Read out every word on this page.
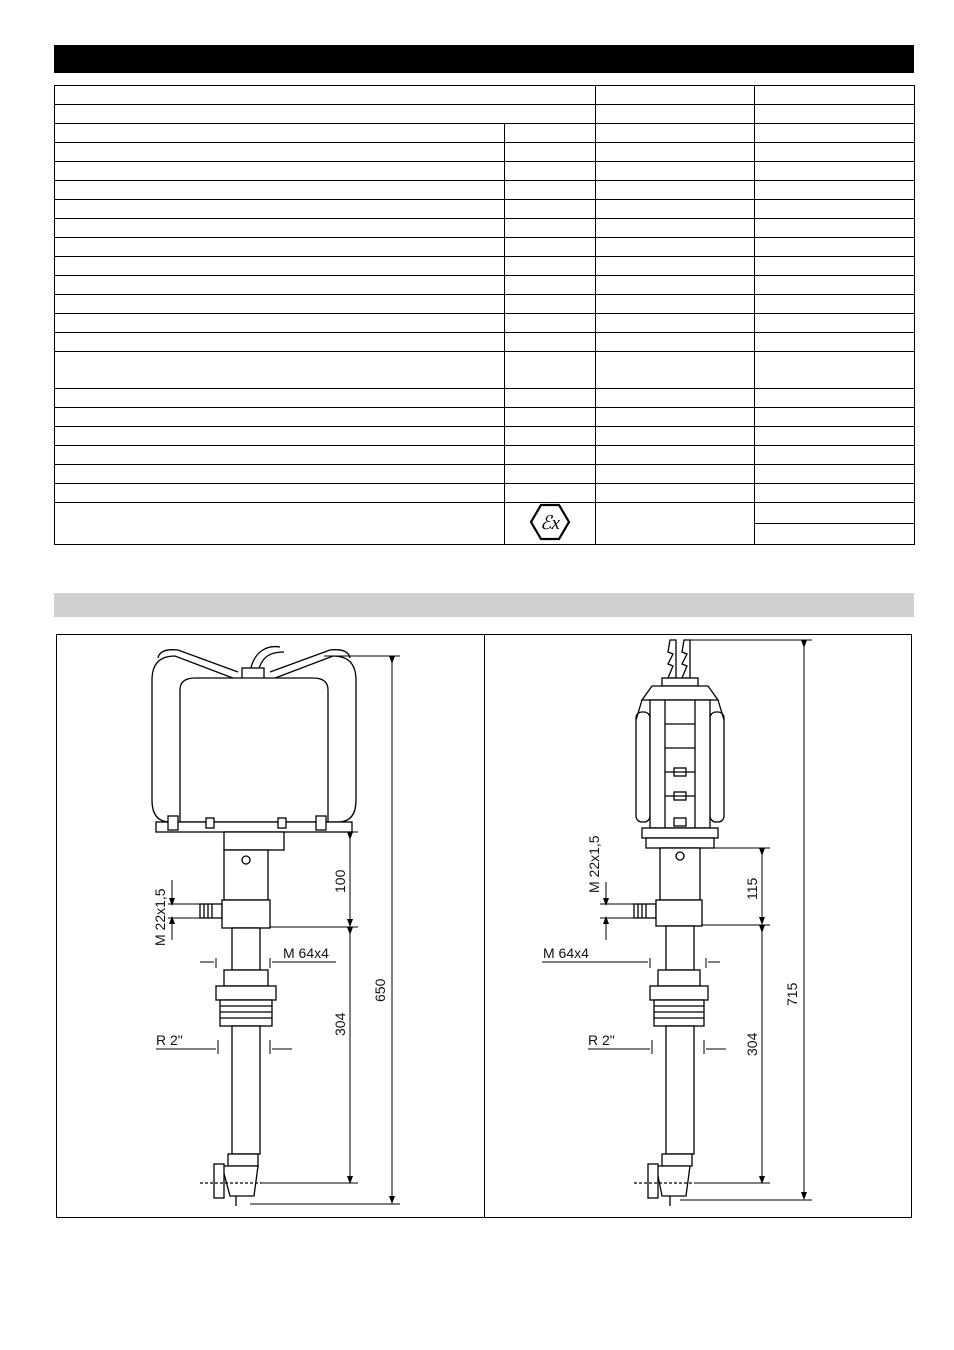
ℰx		

M 22x1,5
M 64x4
R 2"
100
304
650
M 22x1,5
M 64x4
R 2"
115
304
715
